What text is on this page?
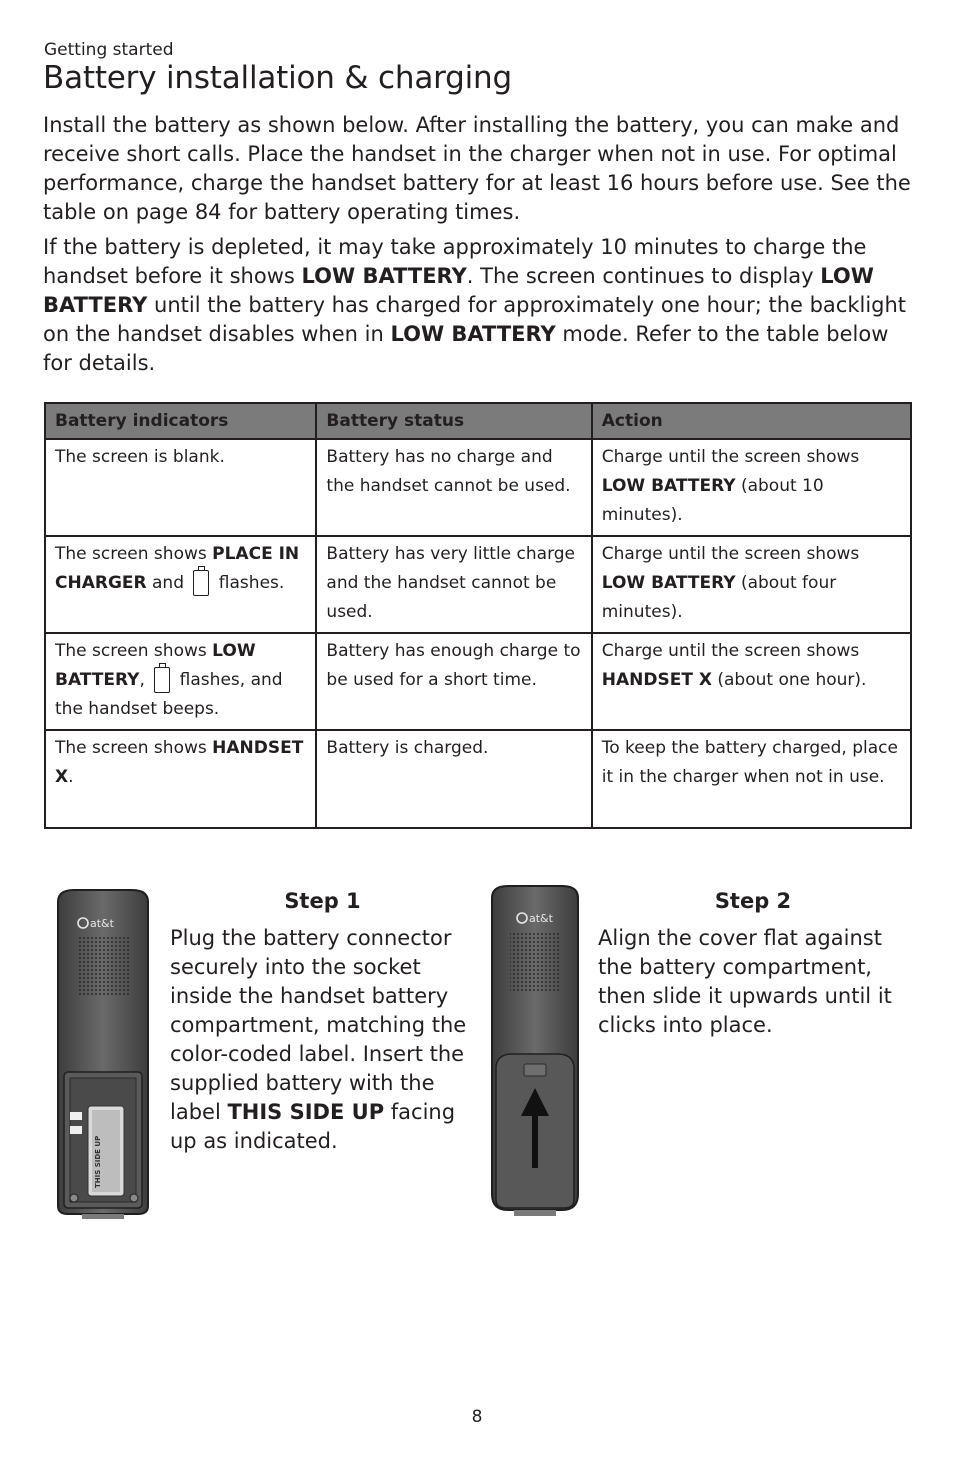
Getting started
Battery installation & charging

Install the battery as shown below. After installing the battery, you can make and receive short calls. Place the handset in the charger when not in use. For optimal performance, charge the handset battery for at least 16 hours before use. See the table on page 84 for battery operating times.

If the battery is depleted, it may take approximately 10 minutes to charge the handset before it shows LOW BATTERY. The screen continues to display LOW BATTERY until the battery has charged for approximately one hour; the backlight on the handset disables when in LOW BATTERY mode. Refer to the table below for details.

Battery indicators	Battery status	Action
The screen is blank.	Battery has no charge and the handset cannot be used.	Charge until the screen shows LOW BATTERY (about 10 minutes).
The screen shows PLACE IN CHARGER and  flashes.	Battery has very little charge and the handset cannot be used.	Charge until the screen shows LOW BATTERY (about four minutes).
The screen shows LOW BATTERY,  flashes, and the handset beeps.	Battery has enough charge to be used for a short time.	Charge until the screen shows HANDSET X (about one hour).
The screen shows HANDSET X.	Battery is charged.	To keep the battery charged, place it in the charger when not in use.
at&t
THIS SIDE UP
at&t
Step 1

Plug the battery connector securely into the socket inside the handset battery compartment, matching the color-coded label. Insert the supplied battery with the label THIS SIDE UP facing up as indicated.

Step 2

Align the cover flat against the battery compartment, then slide it upwards until it clicks into place.

8
